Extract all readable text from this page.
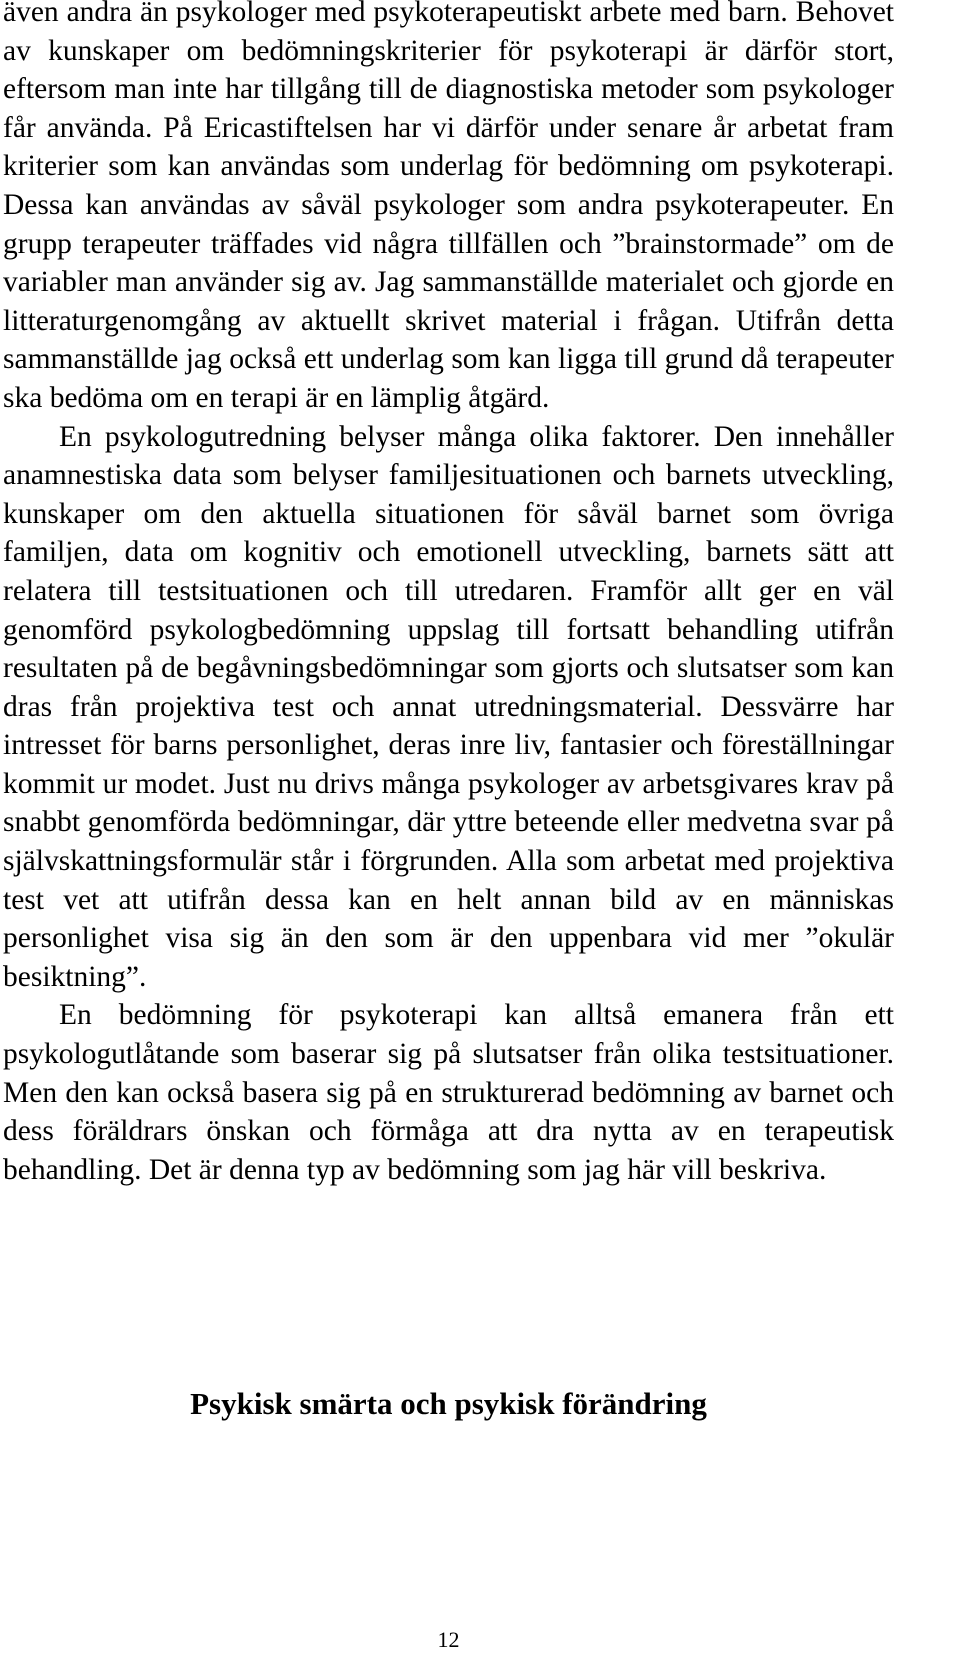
även andra än psykologer med psykoterapeutiskt arbete med barn. Behovet av kunskaper om bedömningskriterier för psykoterapi är därför stort, eftersom man inte har tillgång till de diagnostiska metoder som psykologer får använda. På Ericastiftelsen har vi därför under senare år arbetat fram kriterier som kan användas som underlag för bedömning om psykoterapi. Dessa kan användas av såväl psykologer som andra psykoterapeuter. En grupp terapeuter träffades vid några tillfällen och ”brainstormade” om de variabler man använder sig av. Jag sammanställde materialet och gjorde en litteraturgenomgång av aktuellt skrivet material i frågan. Utifrån detta sammanställde jag också ett underlag som kan ligga till grund då terapeuter ska bedöma om en terapi är en lämplig åtgärd.

En psykologutredning belyser många olika faktorer. Den innehåller anamnestiska data som belyser familjesituationen och barnets utveckling, kunskaper om den aktuella situationen för såväl barnet som övriga familjen, data om kognitiv och emotionell utveckling, barnets sätt att relatera till testsituationen och till utredaren. Framför allt ger en väl genomförd psykologbedömning uppslag till fortsatt behandling utifrån resultaten på de begåvningsbedömningar som gjorts och slutsatser som kan dras från projektiva test och annat utredningsmaterial. Dessvärre har intresset för barns personlighet, deras inre liv, fantasier och föreställningar kommit ur modet. Just nu drivs många psykologer av arbetsgivares krav på snabbt genomförda bedömningar, där yttre beteende eller medvetna svar på självskattningsformulär står i förgrunden. Alla som arbetat med projektiva test vet att utifrån dessa kan en helt annan bild av en människas personlighet visa sig än den som är den uppenbara vid mer ”okulär besiktning”.

En bedömning för psykoterapi kan alltså emanera från ett psykologutlåtande som baserar sig på slutsatser från olika testsituationer. Men den kan också basera sig på en strukturerad bedömning av barnet och dess föräldrars önskan och förmåga att dra nytta av en terapeutisk behandling. Det är denna typ av bedömning som jag här vill beskriva.

Psykisk smärta och psykisk förändring
12
